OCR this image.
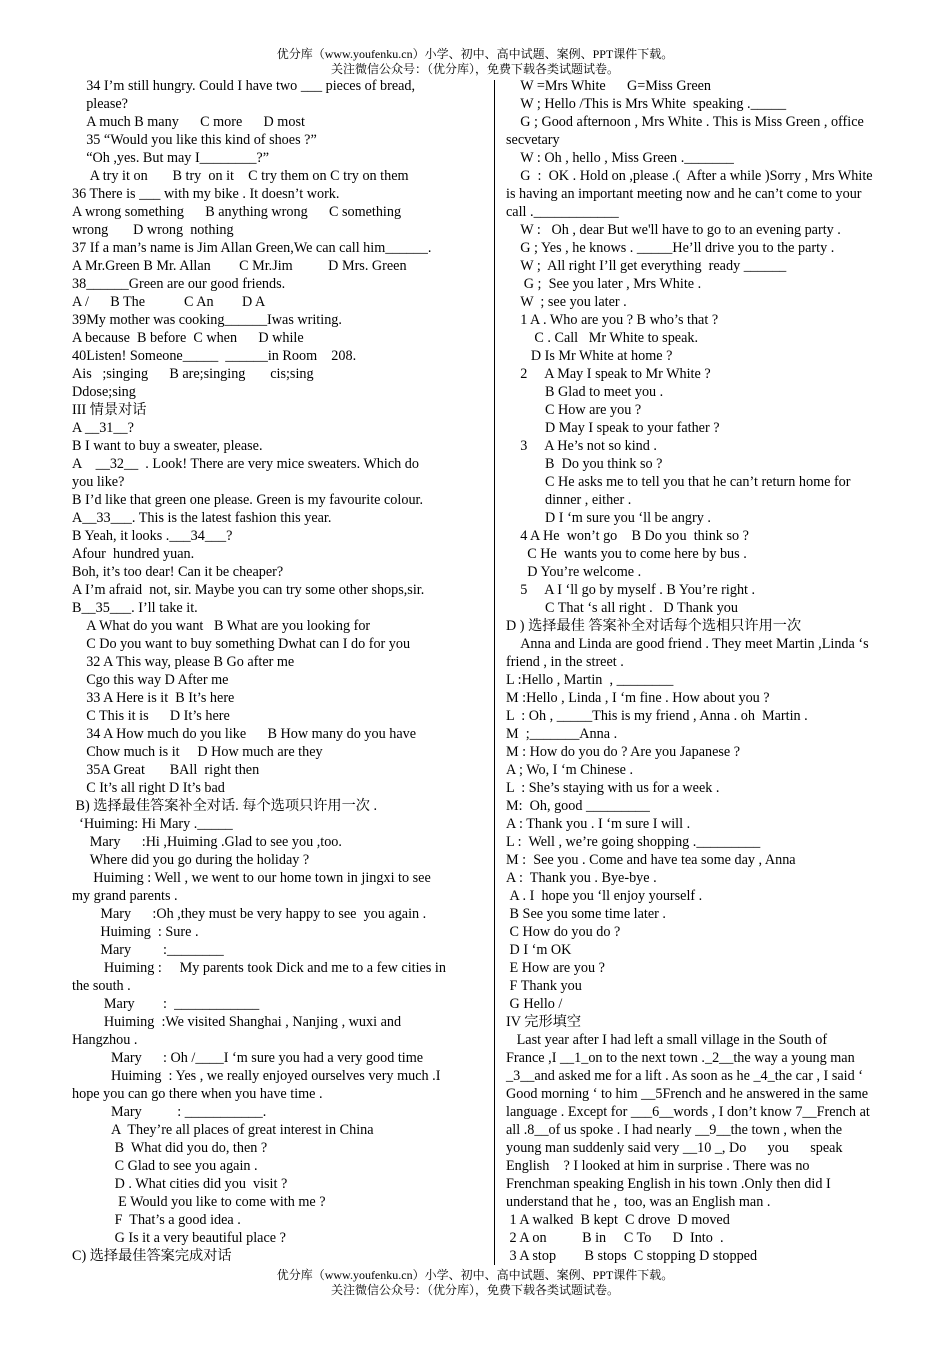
优分库（www.youfenku.cn）小学、初中、高中试题、案例、PPT课件下载。
关注微信公众号：（优分库），免费下载各类试题试卷。

34 I’m still hungry. Could I have two ___ pieces of bread,

please?

A much B many      C more      D most

35 “Would you like this kind of shoes ?”

“Oh ,yes. But may I________?”

A try it on       B try  on it    C try them on C try on them

36 There is ___ with my bike . It doesn’t work.

A wrong something      B anything wrong      C something

wrong       D wrong  nothing

37 If a man’s name is Jim Allan Green,We can call him______.

A Mr.Green B Mr. Allan        C Mr.Jim          D Mrs. Green

38______Green are our good friends.

A /      B The           C An        D A

39My mother was cooking______Iwas writing.

A because  B before  C when      D while

40Listen! Someone_____  ______in Room    208.

Ais   ;singing      B are;singing       cis;sing

Ddose;sing

III 情景对话

A __31__?

B I want to buy a sweater, please.

A    __32__  . Look! There are very mice sweaters. Which do

you like?

B I’d like that green one please. Green is my favourite colour.

A__33___. This is the latest fashion this year.

B Yeah, it looks .___34___?

Afour  hundred yuan.

Boh, it’s too dear! Can it be cheaper?

A I’m afraid  not, sir. Maybe you can try some other shops,sir.

B__35___. I’ll take it.

A What do you want   B What are you looking for

C Do you want to buy something Dwhat can I do for you

32 A This way, please B Go after me

Cgo this way D After me

33 A Here is it  B It’s here

C This it is      D It’s here

34 A How much do you like      B How many do you have

Chow much is it     D How much are they

35A Great       BAll  right then

C It’s all right D It’s bad

B) 选择最佳答案补全对话. 每个选项只许用一次 .

‘Huiming: Hi Mary ._____

Mary      :Hi ,Huiming .Glad to see you ,too.

Where did you go during the holiday ?

Huiming : Well , we went to our home town in jingxi to see

my grand parents .

Mary      :Oh ,they must be very happy to see  you again .

Huiming  : Sure .

Mary         :________

Huiming :     My parents took Dick and me to a few cities in

the south .

Mary        :  ____________

Huiming  :We visited Shanghai , Nanjing , wuxi and

Hangzhou .

Mary      : Oh /____I ‘m sure you had a very good time

Huiming  : Yes , we really enjoyed ourselves very much .I

hope you can go there when you have time .

Mary          : ___________.

A  They’re all places of great interest in China

B  What did you do, then ?

C Glad to see you again .

D . What cities did you  visit ?

E Would you like to come with me ?

F  That’s a good idea .

G Is it a very beautiful place ?

C) 选择最佳答案完成对话

W =Mrs White      G=Miss Green

W ; Hello /This is Mrs White  speaking ._____

G ; Good afternoon , Mrs White . This is Miss Green , office

secvetary

W : Oh , hello , Miss Green ._______

G  :  OK . Hold on ,please .(  After a while )Sorry , Mrs White

is having an important meeting now and he can’t come to your

call .____________

W :   Oh , dear But we'll have to go to an evening party .

G ; Yes , he knows . _____He’ll drive you to the party .

W ;  All right I’ll get everything  ready ______

G ;  See you later , Mrs White .

W  ; see you later .

1 A . Who are you ? B who’s that ?

C . Call   Mr White to speak.

D Is Mr White at home ?

2     A May I speak to Mr White ?

B Glad to meet you .

C How are you ?

D May I speak to your father ?

3     A He’s not so kind .

B  Do you think so ?

C He asks me to tell you that he can’t return home for

dinner , either .

D I ‘m sure you ‘ll be angry .

4 A He  won’t go    B Do you  think so ?

C He  wants you to come here by bus .

D You’re welcome .

5     A I ‘ll go by myself . B You’re right .

C That ‘s all right .   D Thank you

D ) 选择最佳 答案补全对话每个选相只许用一次

Anna and Linda are good friend . They meet Martin ,Linda ‘s

friend , in the street .

L :Hello , Martin  , ________

M :Hello , Linda , I ‘m fine . How about you ?

L  : Oh , _____This is my friend , Anna . oh  Martin .

M  ;_______Anna .

M : How do you do ? Are you Japanese ?

A ; Wo, I ‘m Chinese .

L  : She’s staying with us for a week .

M:  Oh, good _________

A : Thank you . I ‘m sure I will .

L :  Well , we’re going shopping ._________

M :  See you . Come and have tea some day , Anna

A :  Thank you . Bye-bye .

A . I  hope you ‘ll enjoy yourself .

B See you some time later .

C How do you do ?

D I ‘m OK

E How are you ?

F Thank you

G Hello /

IV 完形填空

Last year after I had left a small village in the South of

France ,I __1_on to the next town ._2__the way a young man

_3__and asked me for a lift . As soon as he _4_the car , I said ‘

Good morning ‘ to him __5French and he answered in the same

language . Except for ___6__words , I don’t know 7__French at

all .8__of us spoke . I had nearly __9__the town , when the

young man suddenly said very __10 _, Do      you      speak

English    ? I looked at him in surprise . There was no

Frenchman speaking English in his town .Only then did I

understand that he ,  too, was an English man .

1 A walked  B kept  C drove  D moved

2 A on          B in     C To      D  Into  .

3 A stop        B stops  C stopping D stopped

优分库（www.youfenku.cn）小学、初中、高中试题、案例、PPT课件下载。
关注微信公众号：（优分库），免费下载各类试题试卷。
